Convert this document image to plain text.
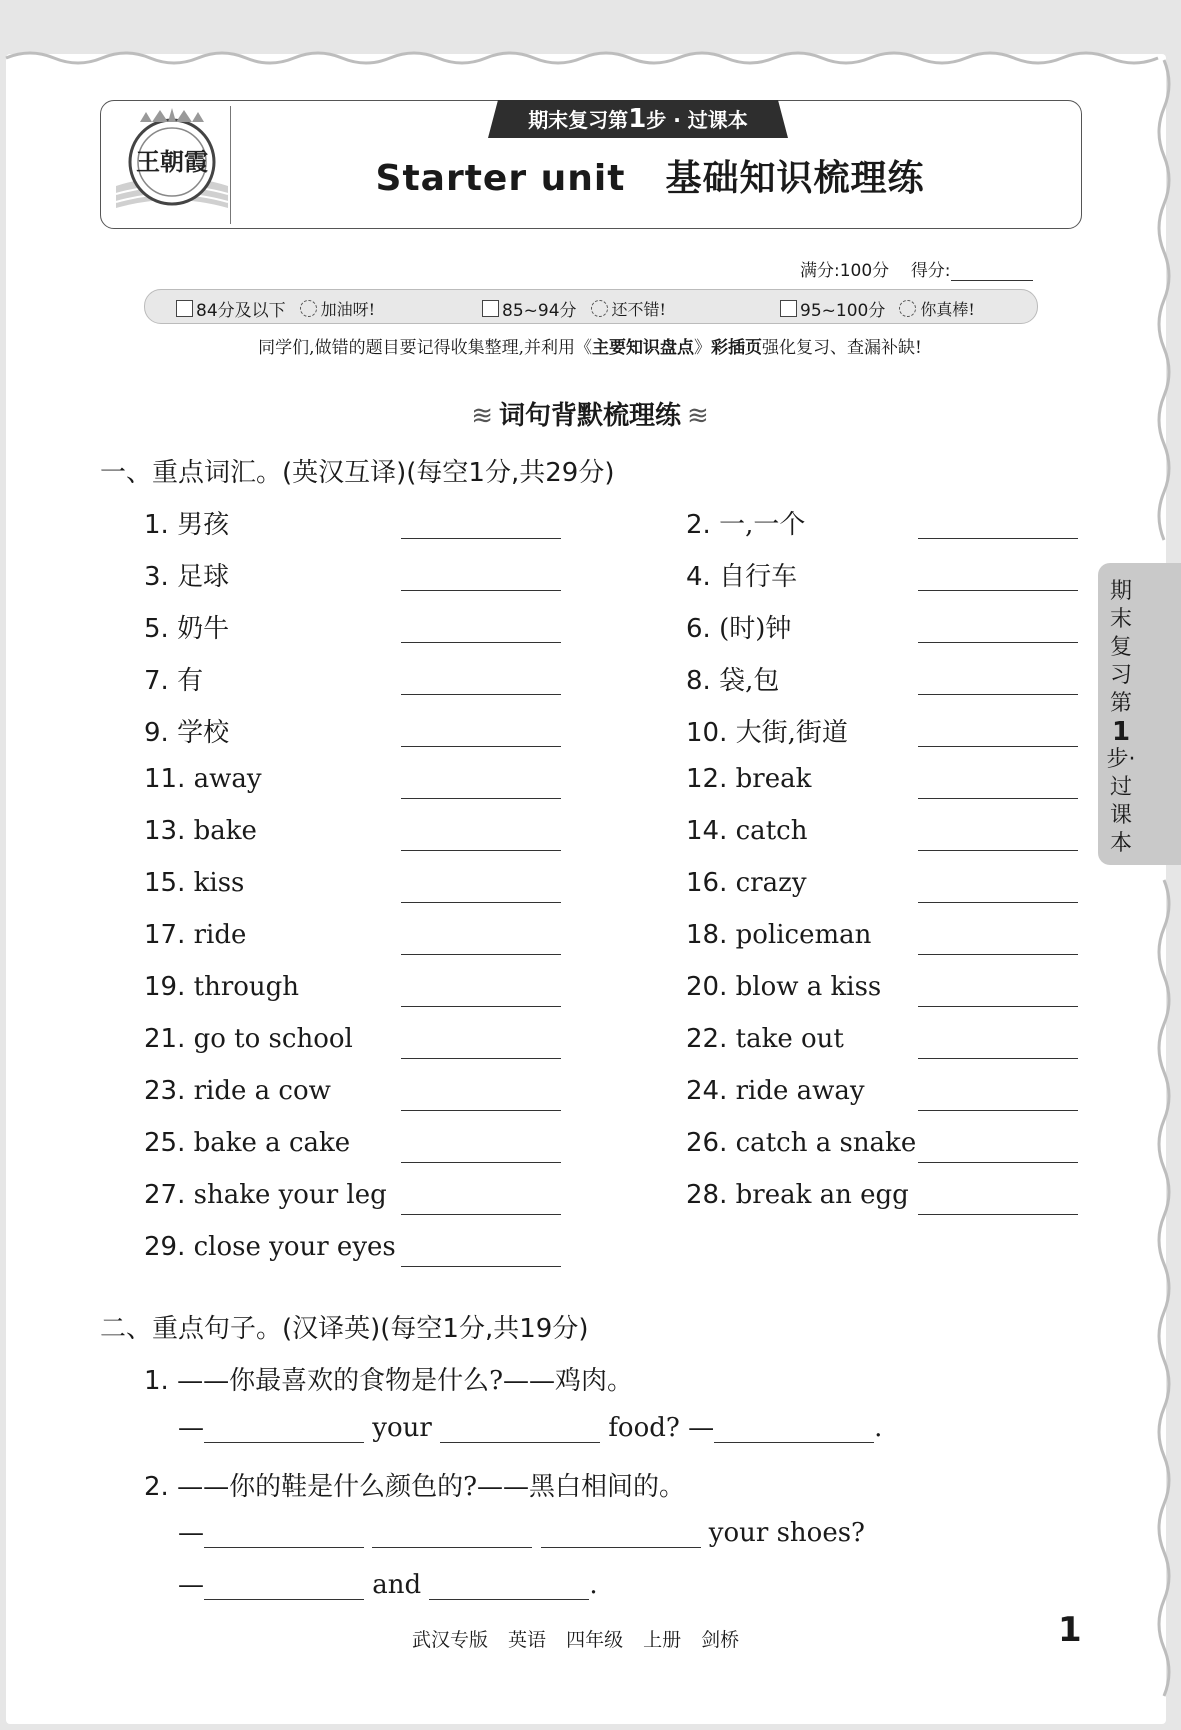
王朝霞
期末复习第1步 · 过课本
Starter unit 基础知识梳理练
满分:100分 得分:
84分及以下 加油呀!	85~94分 还不错!	95~100分 你真棒!
同学们,做错的题目要记得收集整理,并利用《主要知识盘点》彩插页强化复习、查漏补缺!
≋ 词句背默梳理练 ≋
一、重点词汇。(英汉互译)(每空1分,共29分)
1. 男孩	2. 一,一个
3. 足球	4. 自行车
5. 奶牛	6. (时)钟
7. 有	8. 袋,包
9. 学校	10. 大街,街道
11. away	12. break
13. bake	14. catch
15. kiss	16. crazy
17. ride	18. policeman
19. through	20. blow a kiss
21. go to school	22. take out
23. ride a cow	24. ride away
25. bake a cake	26. catch a snake
27. shake your leg	28. break an egg
29. close your eyes
二、重点句子。(汉译英)(每空1分,共19分)
1. ——你最喜欢的食物是什么?——鸡肉。
—	your	food? —	.
2. ——你的鞋是什么颜色的?——黑白相间的。
—	your shoes?
—	and	.
期末复习第
1
步·过课本
武汉专版 英语 四年级 上册 剑桥	1
